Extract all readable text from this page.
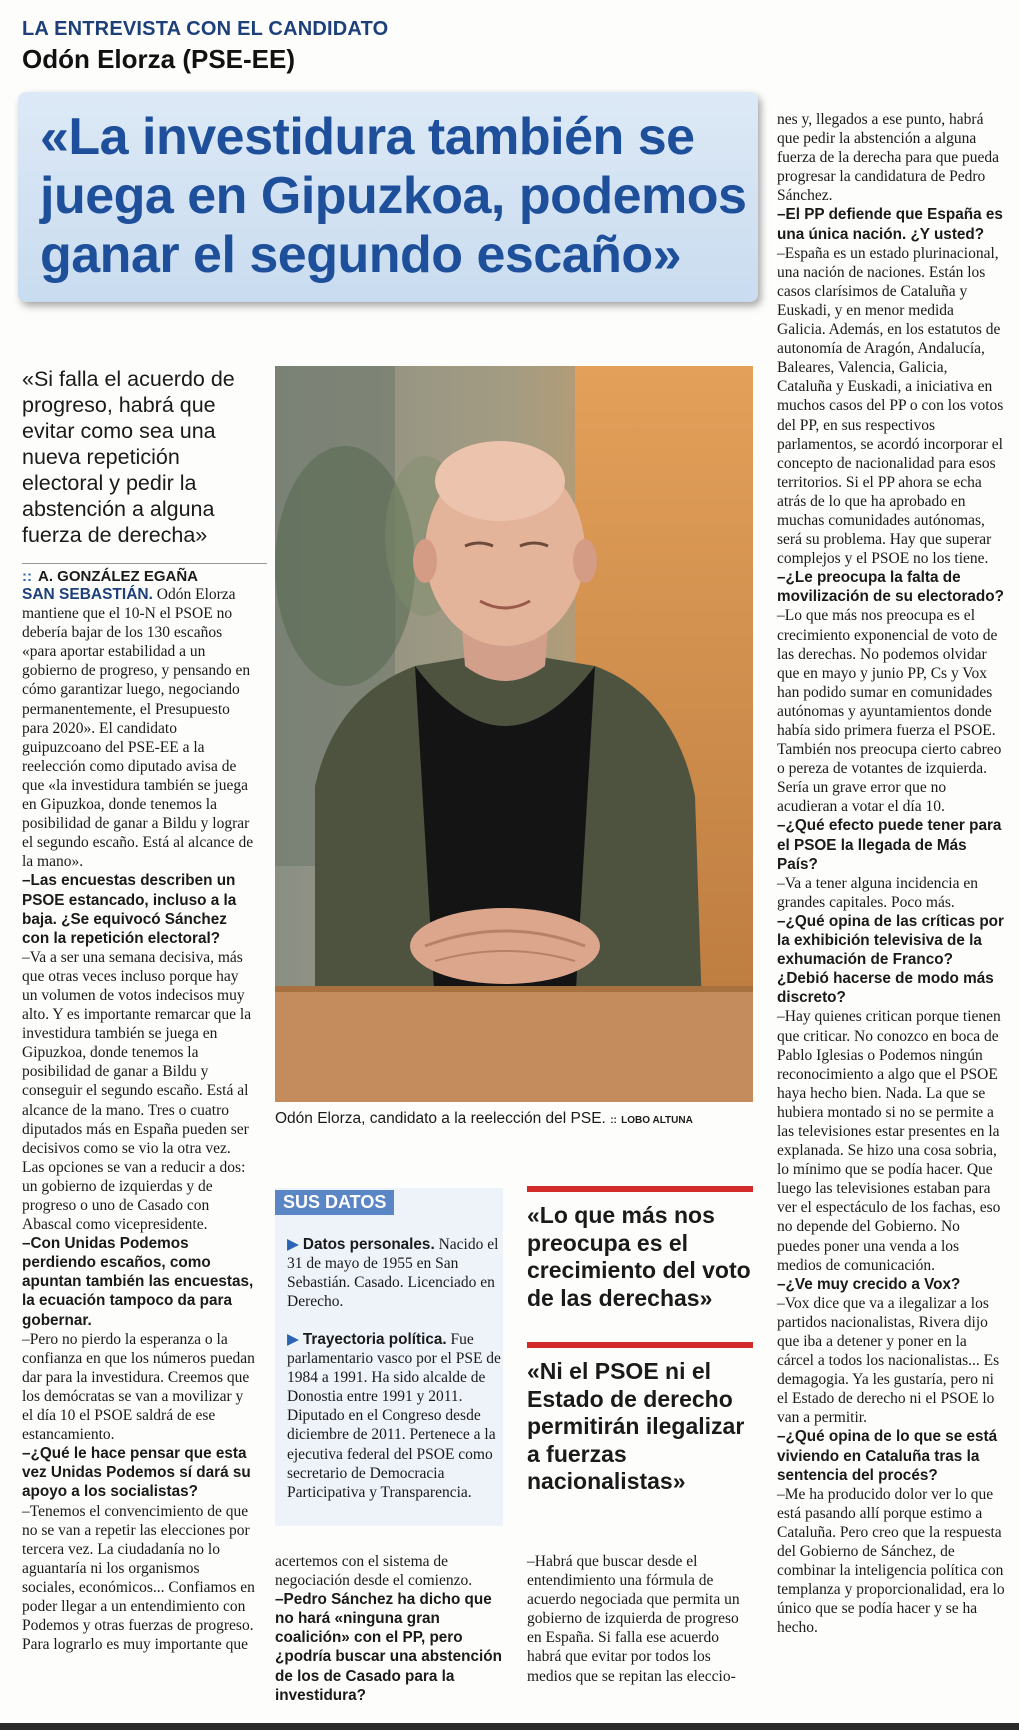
LA ENTREVISTA CON EL CANDIDATO
Odón Elorza (PSE-EE)
«La investidura también se juega en Gipuzkoa, podemos ganar el segundo escaño»
«Si falla el acuerdo de progreso, habrá que evitar como sea una nueva repetición electoral y pedir la abstención a alguna fuerza de derecha»
:: A. GONZÁLEZ EGAÑA

SAN SEBASTIÁN. Odón Elorza mantiene que el 10-N el PSOE no debería bajar de los 130 escaños «para aportar estabilidad a un gobierno de progreso, y pensando en cómo garantizar luego, negociando permanentemente, el Presupuesto para 2020». El candidato guipuzcoano del PSE-EE a la reelección como diputado avisa de que «la investidura también se juega en Gipuzkoa, donde tenemos la posibilidad de ganar a Bildu y lograr el segundo escaño. Está al alcance de la mano».

–Las encuestas describen un PSOE estancado, incluso a la baja. ¿Se equivocó Sánchez con la repetición electoral?

–Va a ser una semana decisiva, más que otras veces incluso porque hay un volumen de votos indecisos muy alto. Y es importante remarcar que la investidura también se juega en Gipuzkoa, donde tenemos la posibilidad de ganar a Bildu y conseguir el segundo escaño. Está al alcance de la mano. Tres o cuatro diputados más en España pueden ser decisivos como se vio la otra vez. Las opciones se van a reducir a dos: un gobierno de izquierdas y de progreso o uno de Casado con Abascal como vicepresidente.

–Con Unidas Podemos perdiendo escaños, como apuntan también las encuestas, la ecuación tampoco da para gobernar.

–Pero no pierdo la esperanza o la confianza en que los números puedan dar para la investidura. Creemos que los demócratas se van a movilizar y el día 10 el PSOE saldrá de ese estancamiento.

–¿Qué le hace pensar que esta vez Unidas Podemos sí dará su apoyo a los socialistas?

–Tenemos el convencimiento de que no se van a repetir las elecciones por tercera vez. La ciudadanía no lo aguantaría ni los organismos sociales, económicos... Confiamos en poder llegar a un entendimiento con Podemos y otras fuerzas de progreso. Para lograrlo es muy importante que

Odón Elorza, candidato a la reelección del PSE. :: LOBO ALTUNA
SUS DATOS
▶ Datos personales. Nacido el 31 de mayo de 1955 en San Sebastián. Casado. Licenciado en Derecho.
▶ Trayectoria política. Fue parlamentario vasco por el PSE de 1984 a 1991. Ha sido alcalde de Donostia entre 1991 y 2011. Diputado en el Congreso desde diciembre de 2011. Pertenece a la ejecutiva federal del PSOE como secretario de Democracia Participativa y Transparencia.
«Lo que más nos preocupa es el crecimiento del voto de las derechas»
«Ni el PSOE ni el Estado de derecho permitirán ilegalizar a fuerzas nacionalistas»

acertemos con el sistema de negociación desde el comienzo.

–Pedro Sánchez ha dicho que no hará «ninguna gran coalición» con el PP, pero ¿podría buscar una abstención de los de Casado para la investidura?

–Habrá que buscar desde el entendimiento una fórmula de acuerdo negociada que permita un gobierno de izquierda de progreso en España. Si falla ese acuerdo habrá que evitar por todos los medios que se repitan las eleccio-

nes y, llegados a ese punto, habrá que pedir la abstención a alguna fuerza de la derecha para que pueda progresar la candidatura de Pedro Sánchez.

–El PP defiende que España es una única nación. ¿Y usted?

–España es un estado plurinacional, una nación de naciones. Están los casos clarísimos de Cataluña y Euskadi, y en menor medida Galicia. Además, en los estatutos de autonomía de Aragón, Andalucía, Baleares, Valencia, Galicia, Cataluña y Euskadi, a iniciativa en muchos casos del PP o con los votos del PP, en sus respectivos parlamentos, se acordó incorporar el concepto de nacionalidad para esos territorios. Si el PP ahora se echa atrás de lo que ha aprobado en muchas comunidades autónomas, será su problema. Hay que superar complejos y el PSOE no los tiene.

–¿Le preocupa la falta de movilización de su electorado?

–Lo que más nos preocupa es el crecimiento exponencial de voto de las derechas. No podemos olvidar que en mayo y junio PP, Cs y Vox han podido sumar en comunidades autónomas y ayuntamientos donde había sido primera fuerza el PSOE. También nos preocupa cierto cabreo o pereza de votantes de izquierda. Sería un grave error que no acudieran a votar el día 10.

–¿Qué efecto puede tener para el PSOE la llegada de Más País?

–Va a tener alguna incidencia en grandes capitales. Poco más.

–¿Qué opina de las críticas por la exhibición televisiva de la exhumación de Franco? ¿Debió hacerse de modo más discreto?

–Hay quienes critican porque tienen que criticar. No conozco en boca de Pablo Iglesias o Podemos ningún reconocimiento a algo que el PSOE haya hecho bien. Nada. La que se hubiera montado si no se permite a las televisiones estar presentes en la explanada. Se hizo una cosa sobria, lo mínimo que se podía hacer. Que luego las televisiones estaban para ver el espectáculo de los fachas, eso no depende del Gobierno. No puedes poner una venda a los medios de comunicación.

–¿Ve muy crecido a Vox?

–Vox dice que va a ilegalizar a los partidos nacionalistas, Rivera dijo que iba a detener y poner en la cárcel a todos los nacionalistas... Es demagogia. Ya les gustaría, pero ni el Estado de derecho ni el PSOE lo van a permitir.

–¿Qué opina de lo que se está viviendo en Cataluña tras la sentencia del procés?

–Me ha producido dolor ver lo que está pasando allí porque estimo a Cataluña. Pero creo que la respuesta del Gobierno de Sánchez, de combinar la inteligencia política con templanza y proporcionalidad, era lo único que se podía hacer y se ha hecho.
